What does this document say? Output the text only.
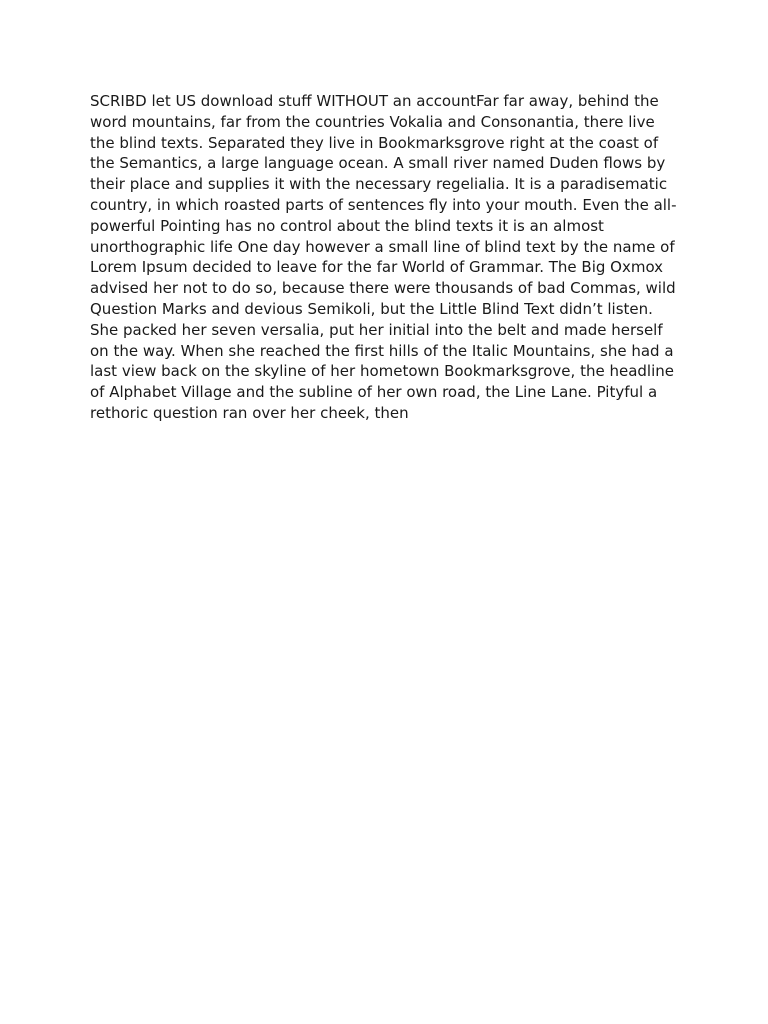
SCRIBD let US download stuff WITHOUT an accountFar far away, behind the word mountains, far from the countries Vokalia and Consonantia, there live the blind texts. Separated they live in Bookmarksgrove right at the coast of the Semantics, a large language ocean. A small river named Duden flows by their place and supplies it with the necessary regelialia. It is a paradisematic country, in which roasted parts of sentences fly into your mouth. Even the all-powerful Pointing has no control about the blind texts it is an almost unorthographic life One day however a small line of blind text by the name of Lorem Ipsum decided to leave for the far World of Grammar. The Big Oxmox advised her not to do so, because there were thousands of bad Commas, wild Question Marks and devious Semikoli, but the Little Blind Text didn’t listen. She packed her seven versalia, put her initial into the belt and made herself on the way. When she reached the first hills of the Italic Mountains, she had a last view back on the skyline of her hometown Bookmarksgrove, the headline of Alphabet Village and the subline of her own road, the Line Lane. Pityful a rethoric question ran over her cheek, then
